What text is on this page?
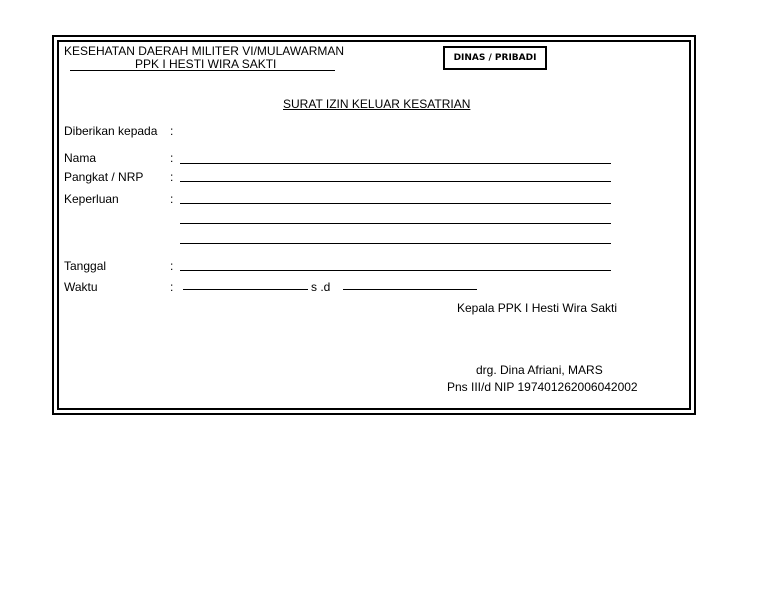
KESEHATAN DAERAH MILITER VI/MULAWARMAN
PPK I HESTI WIRA SAKTI	DINAS / PRIBADI
SURAT IZIN KELUAR KESATRIAN
Diberikan kepada :
Nama	:
Pangkat / NRP :
Keperluan	:
Tanggal	:
Waktu	:	s .d
Kepala PPK I Hesti Wira Sakti
drg. Dina Afriani, MARS
Pns III/d NIP 197401262006042002
